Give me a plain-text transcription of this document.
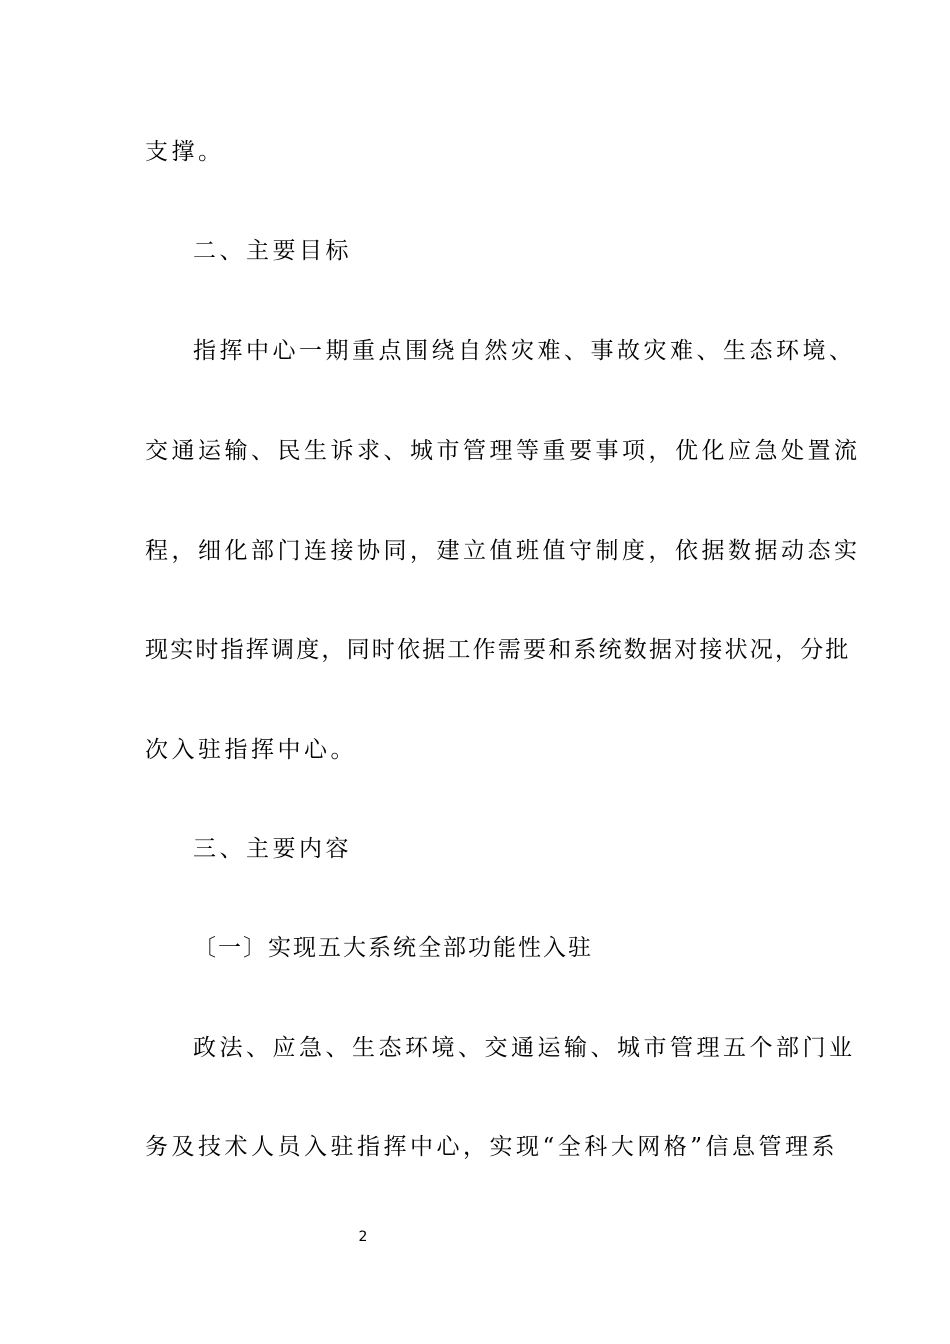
支撑。
二、主要目标
指挥中心一期重点围绕自然灾难、事故灾难、生态环境、
交通运输、民生诉求、城市管理等重要事项，优化应急处置流
程，细化部门连接协同，建立值班值守制度，依据数据动态实
现实时指挥调度，同时依据工作需要和系统数据对接状况，分批
次入驻指挥中心。
三、主要内容
〔一〕实现五大系统全部功能性入驻
政法、应急、生态环境、交通运输、城市管理五个部门业
务及技术人员入驻指挥中心，实现“全科大网格”信息管理系
2
